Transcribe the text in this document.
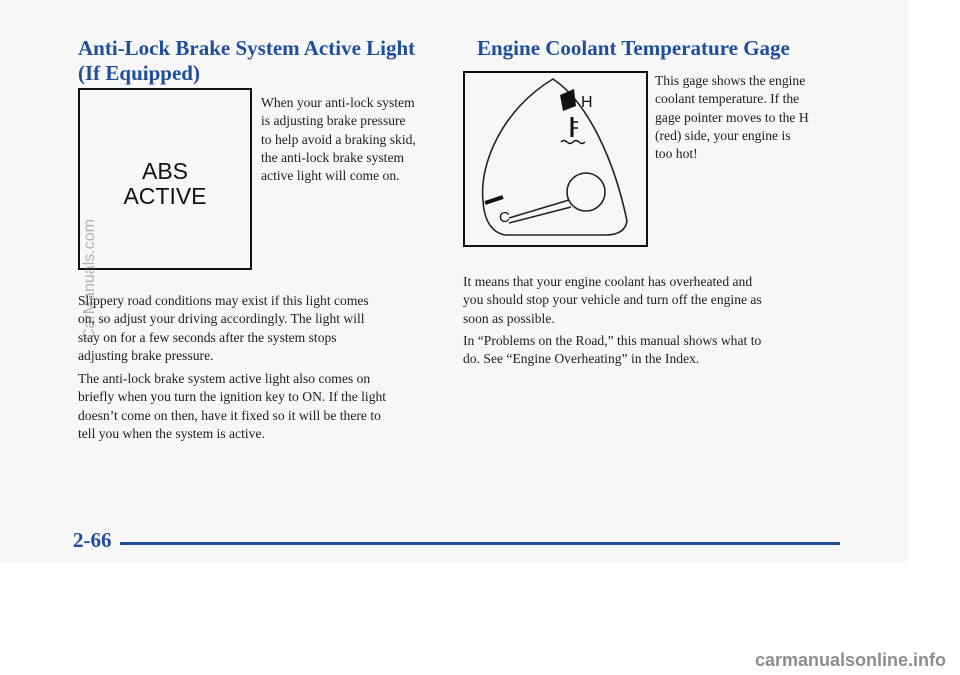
Anti-Lock Brake System Active Light
(If Equipped)
ABS
ACTIVE

When your anti-lock system
is adjusting brake pressure
to help avoid a braking skid,
the anti-lock brake system
active light will come on.

Slippery road conditions may exist if this light comes
on, so adjust your driving accordingly. The light will
stay on for a few seconds after the system stops
adjusting brake pressure.

The anti-lock brake system active light also comes on
briefly when you turn the ignition key to ON. If the light
doesn’t come on then, have it fixed so it will be there to
tell you when the system is active.

Engine Coolant Temperature Gage
H
C

This gage shows the engine
coolant temperature. If the
gage pointer moves to the H
(red) side, your engine is
too hot!

It means that your engine coolant has overheated and
you should stop your vehicle and turn off the engine as
soon as possible.

In “Problems on the Road,” this manual shows what to
do. See “Engine Overheating” in the Index.

2-66

CarManuals.com

carmanualsonline.info
